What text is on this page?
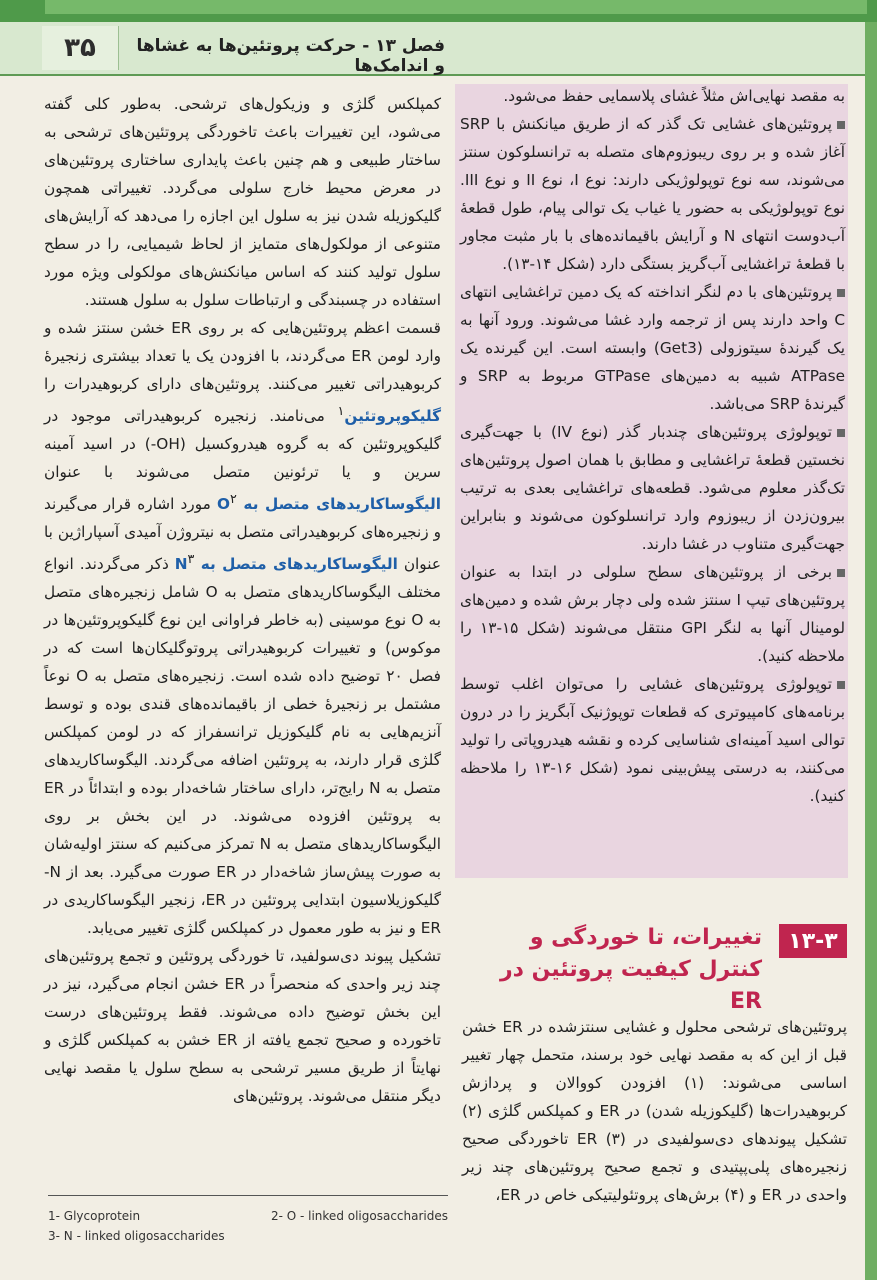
۳۵	فصل ۱۳ - حرکت پروتئین‌ها به غشاها و اندامک‌ها

به مقصد نهایی‌اش مثلاً غشای پلاسمایی حفظ می‌شود.

پروتئین‌های غشایی تک گذر که از طریق میانکنش با SRP آغاز شده و بر روی ریبوزوم‌های متصله به ترانسلوکون سنتز می‌شوند، سه نوع توپولوژیکی دارند: نوع I، نوع II و نوع III. نوع توپولوژیکی به حضور یا غیاب یک توالی پیام، طول قطعهٔ آب‌دوست انتهای N و آرایش باقیمانده‌های با بار مثبت مجاور با قطعهٔ تراغشایی آب‌گریز بستگی دارد (شکل ۱۴-۱۳).

پروتئین‌های با دم لنگر انداخته که یک دمین تراغشایی انتهای C واحد دارند پس از ترجمه وارد غشا می‌شوند. ورود آنها به یک گیرندهٔ سیتوزولی (Get3) وابسته است. این گیرنده یک ATPase شبیه به دمین‌های GTPase مربوط به SRP و گیرندهٔ SRP می‌باشد.

توپولوژی پروتئین‌های چندبار گذر (نوع IV) با جهت‌گیری نخستین قطعهٔ تراغشایی و مطابق با همان اصول پروتئین‌های تک‌گذر معلوم می‌شود. قطعه‌های تراغشایی بعدی به ترتیب بیرون‌زدن از ریبوزوم وارد ترانسلوکون می‌شوند و بنابراین جهت‌گیری متناوب در غشا دارند.

برخی از پروتئین‌های سطح سلولی در ابتدا به عنوان پروتئین‌های تیپ I سنتز شده ولی دچار برش شده و دمین‌های لومینال آنها به لنگر GPI منتقل می‌شوند (شکل ۱۵-۱۳ را ملاحظه کنید).

توپولوژی پروتئین‌های غشایی را می‌توان اغلب توسط برنامه‌های کامپیوتری که قطعات توپوژنیک آبگریز را در درون توالی اسید آمینه‌ای شناسایی کرده و نقشه هیدروپاتی را تولید می‌کنند، به درستی پیش‌بینی نمود (شکل ۱۶-۱۳ را ملاحظه کنید).

۱۳-۳
تغییرات، تا خوردگی و کنترل کیفیت پروتئین در ER

پروتئین‌های ترشحی محلول و غشایی سنتزشده در ER خشن قبل از این که به مقصد نهایی خود برسند، متحمل چهار تغییر اساسی می‌شوند: (۱) افزودن کووالان و پردازش کربوهیدرات‌ها (گلیکوزیله شدن) در ER و کمپلکس گلژی (۲) تشکیل پیوندهای دی‌سولفیدی در ER (۳) تاخوردگی صحیح زنجیره‌های پلی‌پپتیدی و تجمع صحیح پروتئین‌های چند زیر واحدی در ER و (۴) برش‌های پروتئولیتیکی خاص در ER،

کمپلکس گلژی و وزیکول‌های ترشحی. به‌طور کلی گفته می‌شود، این تغییرات باعث تاخوردگی پروتئین‌های ترشحی به ساختار طبیعی و هم چنین باعث پایداری ساختاری پروتئین‌های در معرض محیط خارج سلولی می‌گردد. تغییراتی همچون گلیکوزیله شدن نیز به سلول این اجازه را می‌دهد که آرایش‌های متنوعی از مولکول‌های متمایز از لحاظ شیمیایی، را در سطح سلول تولید کنند که اساس میانکنش‌های مولکولی ویژه مورد استفاده در چسبندگی و ارتباطات سلول به سلول هستند.

قسمت اعظم پروتئین‌هایی که بر روی ER خشن سنتز شده و وارد لومن ER می‌گردند، با افزودن یک یا تعداد بیشتری زنجیرهٔ کربوهیدراتی تغییر می‌کنند. پروتئین‌های دارای کربوهیدرات را گلیکوپروتئین$^۱$ می‌نامند. زنجیره کربوهیدراتی موجود در گلیکوپروتئین که به گروه هیدروکسیل (OH-) در اسید آمینه سرین و یا ترئونین متصل می‌شوند با عنوان الیگوساکاریدهای متصل به $O^۲$ مورد اشاره قرار می‌گیرند و زنجیره‌های کربوهیدراتی متصل به نیتروژن آمیدی آسپاراژین با عنوان الیگوساکاریدهای متصل به $N^۳$ ذکر می‌گردند. انواع مختلف الیگوساکاریدهای متصل به O شامل زنجیره‌های متصل به O نوع موسینی (به خاطر فراوانی این نوع گلیکوپروتئین‌ها در موکوس) و تغییرات کربوهیدراتی پروتوگلیکان‌ها است که در فصل ۲۰ توضیح داده شده است. زنجیره‌های متصل به O نوعاً مشتمل بر زنجیرهٔ خطی از باقیمانده‌های قندی بوده و توسط آنزیم‌هایی به نام گلیکوزیل ترانسفراز که در لومن کمپلکس گلژی قرار دارند، به پروتئین اضافه می‌گردند. الیگوساکاریدهای متصل به N رایج‌تر، دارای ساختار شاخه‌دار بوده و ابتدائاً در ER به پروتئین افزوده می‌شوند. در این بخش بر روی الیگوساکاریدهای متصل به N تمرکز می‌کنیم که سنتز اولیه‌شان به صورت پیش‌ساز شاخه‌دار در ER صورت می‌گیرد. بعد از N-گلیکوزیلاسیون ابتدایی پروتئین در ER، زنجیر الیگوساکاریدی در ER و نیز به طور معمول در کمپلکس گلژی تغییر می‌یابد.

تشکیل پیوند دی‌سولفید، تا خوردگی پروتئین و تجمع پروتئین‌های چند زیر واحدی که منحصراً در ER خشن انجام می‌گیرد، نیز در این بخش توضیح داده می‌شوند. فقط پروتئین‌های درست تاخورده و صحیح تجمع یافته از ER خشن به کمپلکس گلژی و نهایتاً از طریق مسیر ترشحی به سطح سلول یا مقصد نهایی دیگر منتقل می‌شوند. پروتئین‌های

1- Glycoprotein	2- O - linked oligosaccharides
3- N - linked oligosaccharides
